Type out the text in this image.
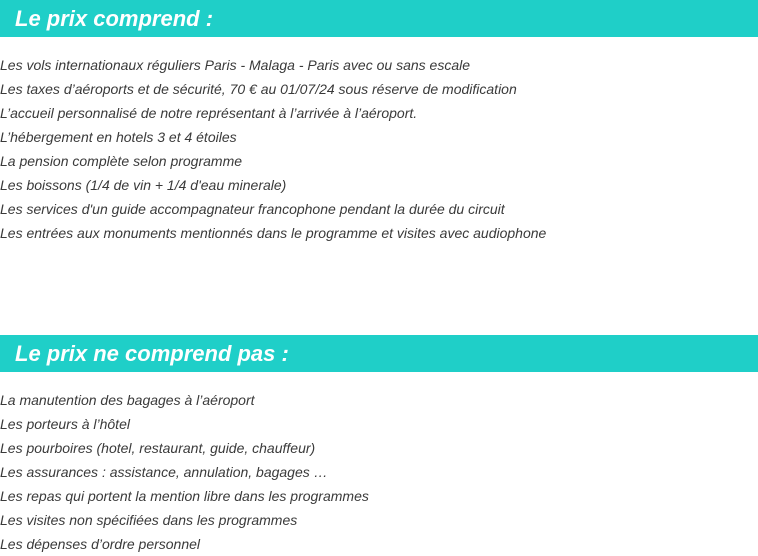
Le prix comprend :
Les vols internationaux réguliers Paris - Malaga - Paris avec ou sans escale
Les taxes d’aéroports et de sécurité, 70 € au 01/07/24 sous réserve de modification
L’accueil personnalisé de notre représentant à l’arrivée à l’aéroport.
L’hébergement en hotels 3 et 4 étoiles
La pension complète selon programme
Les boissons (1/4 de vin + 1/4 d'eau minerale)
Les services d'un guide accompagnateur francophone pendant la durée du circuit
Les entrées aux monuments mentionnés dans le programme et visites avec audiophone
Le prix ne comprend pas :
La manutention des bagages à l’aéroport
Les porteurs à l’hôtel
Les pourboires (hotel, restaurant, guide, chauffeur)
Les assurances : assistance, annulation, bagages …
Les repas qui portent la mention libre dans les programmes
Les visites non spécifiées dans les programmes
Les dépenses d’ordre personnel
